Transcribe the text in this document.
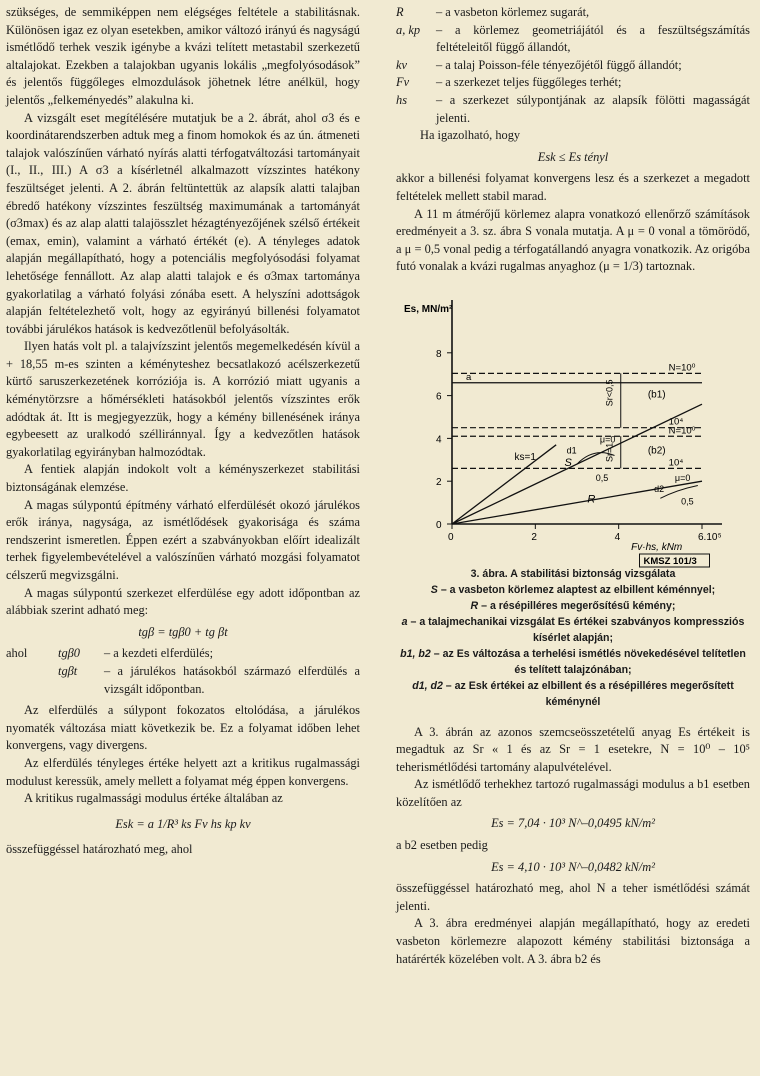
szükséges, de semmiképpen nem elégséges feltétele a stabilitásnak. Különösen igaz ez olyan esetekben, amikor változó irányú és nagyságú ismétlődő terhek veszik igénybe a kvázi telített metastabil szerkezetű altalajokat. Ezekben a talajokban ugyanis lokális „megfolyósodások” és jelentős függőleges elmozdulások jöhetnek létre anélkül, hogy jelentős „felkeményedés” alakulna ki.

A vizsgált eset megítélésére mutatjuk be a 2. ábrát, ahol σ3 és e koordinátarendszerben adtuk meg a finom homokok és az ún. átmeneti talajok valószínűen várható nyírás alatti térfogatváltozási tartományait (I., II., III.) A σ3 a kísérletnél alkalmazott vízszintes hatékony feszültséget jelenti. A 2. ábrán feltüntettük az alapsík alatti talajban ébredő hatékony vízszintes feszültség maximumának a tartományát (σ3max) és az alap alatti talajösszlet hézagtényezőjének szélső értékeit (emax, emin), valamint a várható értékét (e). A tényleges adatok alapján megállapítható, hogy a potenciális megfolyósodási folyamat lehetősége fennállott. Az alap alatti talajok e és σ3max tartománya gyakorlatilag a várható folyási zónába esett. A helyszíni adottságok alapján feltételezhető volt, hogy az egyirányú billenési folyamatot további járulékos hatások is kedvezőtlenül befolyásolták.

Ilyen hatás volt pl. a talajvízszint jelentős megemelkedésén kívül a + 18,55 m-es szinten a kéményteshez becsatlakozó acélszerkezetű kürtő saruszerkezetének korróziója is. A korrózió miatt ugyanis a kéménytörzsre a hőmérsékleti hatásokból jelentős vízszintes erők adódtak át. Itt is megjegyezzük, hogy a kémény billenésének iránya egybeesett az uralkodó szélliránnyal. Így a kedvezőtlen hatások gyakorlatilag egyirányban halmozódtak.

A fentiek alapján indokolt volt a kéményszerkezet stabilitási biztonságának elemzése.

A magas súlypontú építmény várható elferdülését okozó járulékos erők iránya, nagysága, az ismétlődések gyakorisága és száma rendszerint ismeretlen. Éppen ezért a szabványokban előírt idealizált terhek figyelembevételével a valószínűen várható mozgási folyamatot célszerű megvizsgálni.

A magas súlypontú szerkezet elferdülése egy adott időpontban az alábbiak szerint adható meg:

tgβ = tgβ0 + tg βt
ahol	tgβ0	– a kezdeti elferdülés;
tgβt	– a járulékos hatásokból származó elferdülés a vizsgált időpontban.

Az elferdülés a súlypont fokozatos eltolódása, a járulékos nyomaték változása miatt következik be. Ez a folyamat időben lehet konvergens, vagy divergens.

Az elferdülés tényleges értéke helyett azt a kritikus rugalmassági modulust keressük, amely mellett a folyamat még éppen konvergens.

A kritikus rugalmassági modulus értéke általában az

Esk = a 1/R³ ks Fv hs kp kv

összefüggéssel határozható meg, ahol

R	– a vasbeton körlemez sugarát,
a, kp	– a körlemez geometriájától és a feszültségszámítás feltételeitől függő állandót,
kv	– a talaj Poisson-féle tényezőjétől függő állandót;
Fv	– a szerkezet teljes függőleges terhét;
hs	– a szerkezet súlypontjának az alapsík fölötti magasságát jelenti.

Ha igazolható, hogy

Esk ≤ Es tényl

akkor a billenési folyamat konvergens lesz és a szerkezet a megadott feltételek mellett stabil marad.

A 11 m átmérőjű körlemez alapra vonatkozó ellenőrző számítások eredményeit a 3. sz. ábra S vonala mutatja. A μ = 0 vonal a tömörödő, a μ = 0,5 vonal pedig a térfogatállandó anyagra vonatkozik. Az origóba futó vonalak a kvázi rugalmas anyaghoz (μ = 1/3) tartoznak.

Es, MN/m²
0
2
4
6
8
0	2	4	6.10⁵
Fv·hs, kNm
KMSZ 101/3
a
N=10⁰
10⁴
N=10⁰
10⁴
(b1)
(b2)
Sr<0,5
Sr=1
S
R
ks=1
μ=0
μ=0
0,5
0,5
d1
d2
3. ábra. A stabilitási biztonság vizsgálata
S – a vasbeton körlemez alaptest az elbillent kéménnyel;
R – a résépilléres megerősítésű kémény;
a – a talajmechanikai vizsgálat Es értékei szabványos kompressziós kísérlet alapján;
b1, b2 – az Es változása a terhelési ismétlés növekedésével telítetlen és telített talajzónában;
d1, d2 – az Esk értékei az elbillent és a résépilléres megerősített kéménynél

A 3. ábrán az azonos szemcseösszetételű anyag Es értékeit is megadtuk az Sr « 1 és az Sr = 1 esetekre, N = 10⁰ – 10⁵ teherismétlődési tartomány alapulvételével.

Az ismétlődő terhekhez tartozó rugalmassági modulus a b1 esetben közelítően az

Es = 7,04 · 10³ N^–0,0495 kN/m²

a b2 esetben pedig

Es = 4,10 · 10³ N^–0,0482 kN/m²

összefüggéssel határozható meg, ahol N a teher ismétlődési számát jelenti.

A 3. ábra eredményei alapján megállapítható, hogy az eredeti vasbeton körlemezre alapozott kémény stabilitási biztonsága a határérték közelében volt. A 3. ábra b2 és
